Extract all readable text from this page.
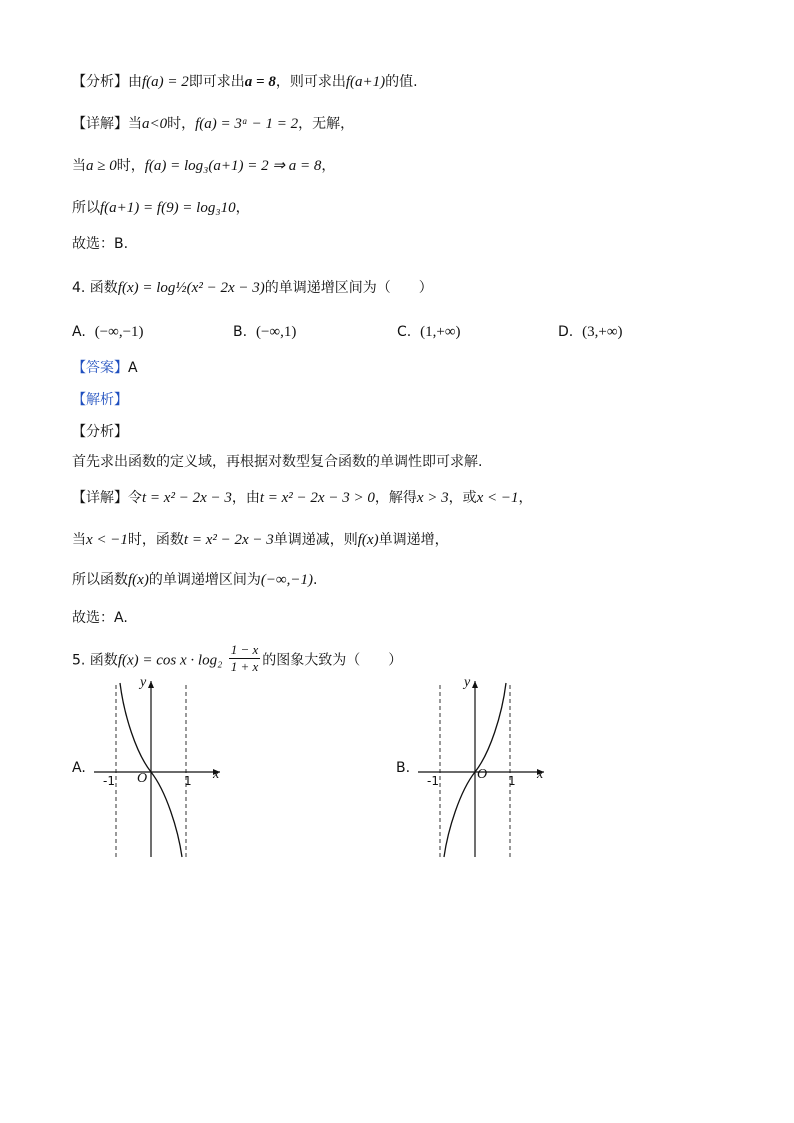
【分析】由f(a) = 2即可求出a = 8，则可求出f(a+1)的值.
【详解】当a<0时，f(a) = 3ᵃ − 1 = 2，无解，
当a ≥ 0时，f(a) = log₃(a+1) = 2 ⇒ a = 8，
所以f(a+1) = f(9) = log₃10，
故选：B.
4. 函数f(x) = log½(x² − 2x − 3)的单调递增区间为（　　）
A. (−∞,−1)	B. (−∞,1)	C. (1,+∞)	D. (3,+∞)
【答案】A
【解析】
【分析】
首先求出函数的定义域，再根据对数型复合函数的单调性即可求解.
【详解】令t = x² − 2x − 3，由t = x² − 2x − 3 > 0，解得x > 3，或x < −1，
当x < −1时，函数t = x² − 2x − 3单调递减，则f(x)单调递增，
所以函数f(x)的单调递增区间为(−∞,−1).
故选：A.
5. 函数$f(x) = \cos x \cdot \log_2 \frac{1 - x}{1 + x}$ 的图象大致为（　　）
A.
y
x
O
-1	1
B.
y
x
O
-1	1
